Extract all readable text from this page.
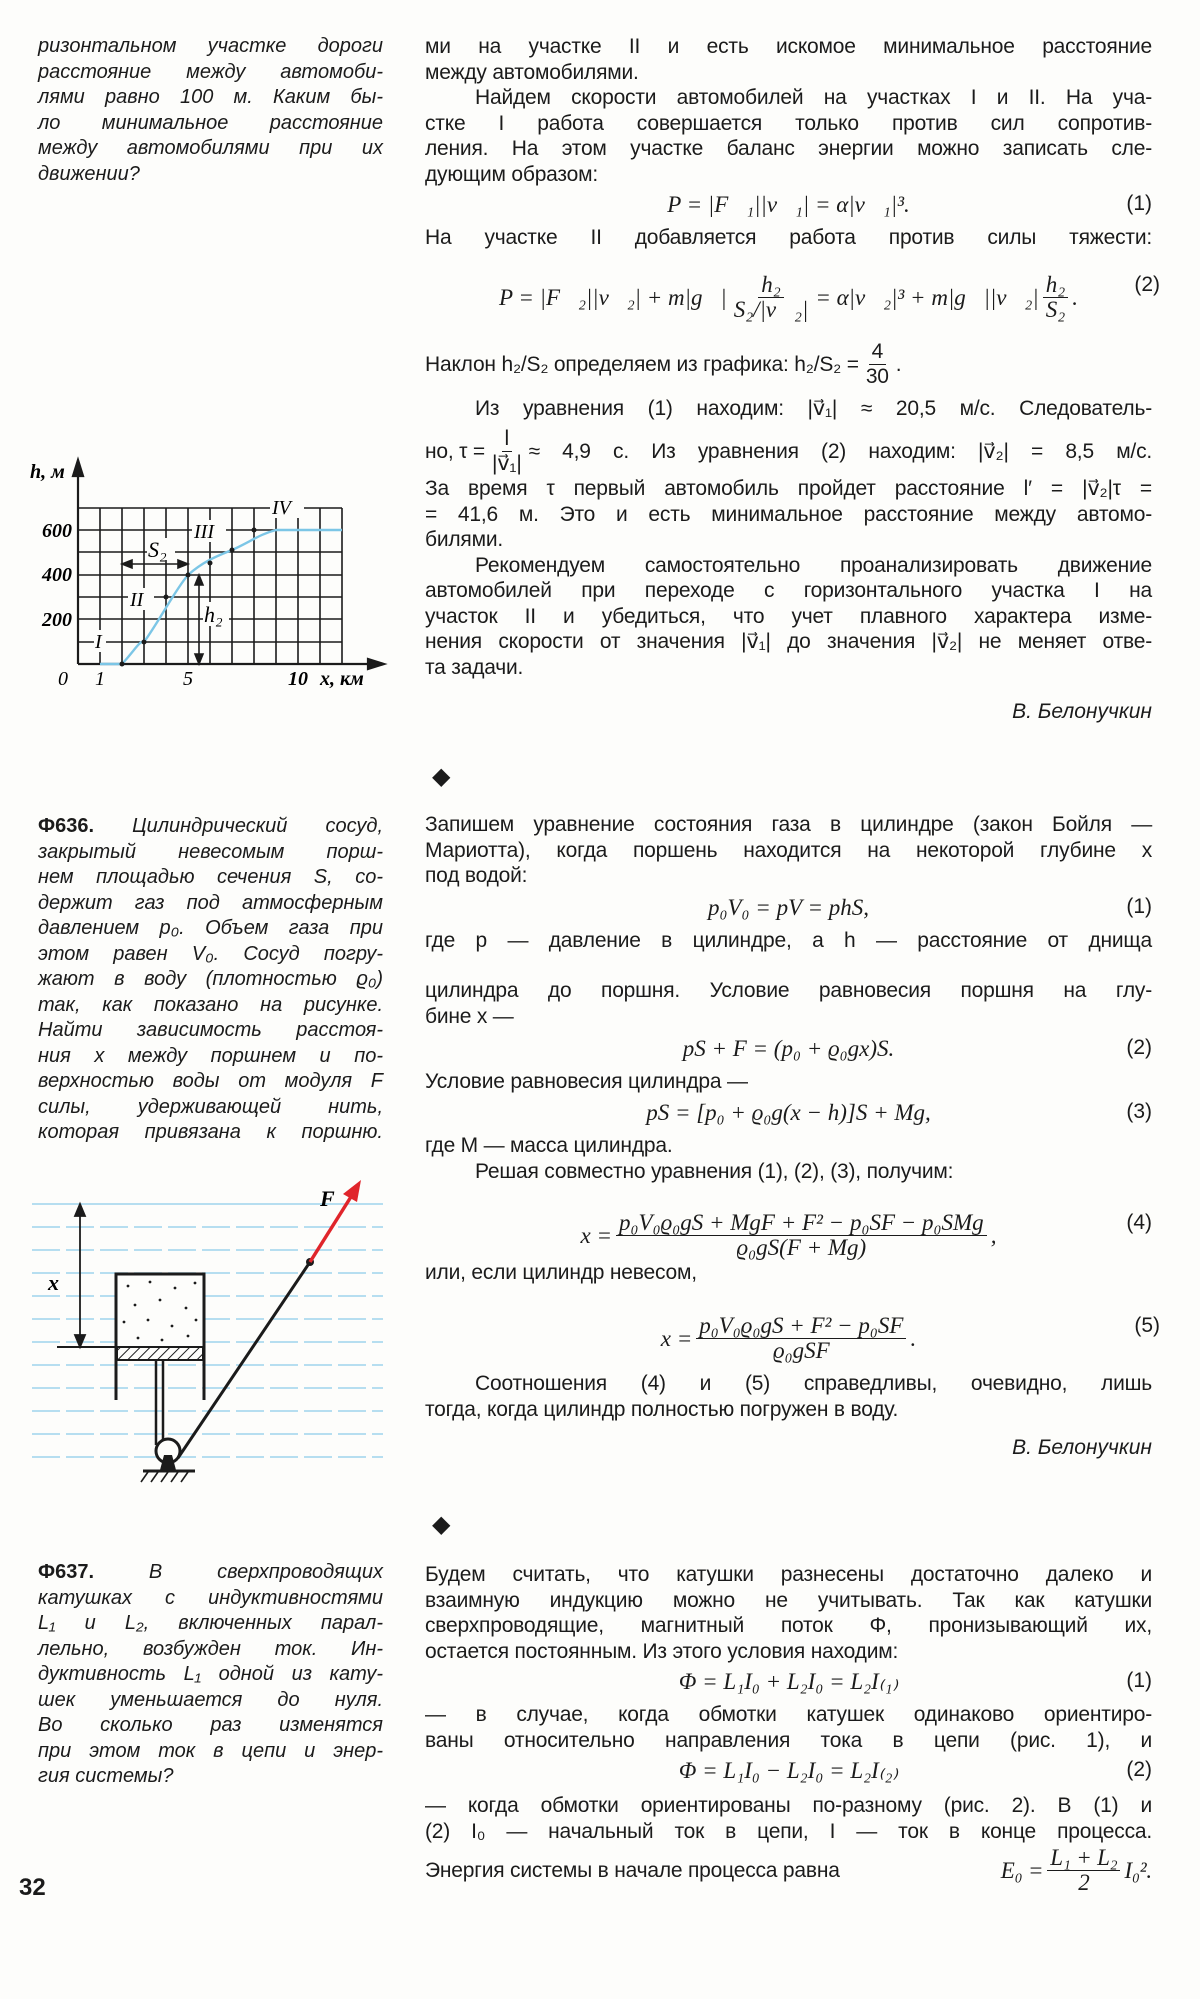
ризонтальном участке дороги
расстояние между автомоби-
лями равно 100 м. Каким бы-
ло минимальное расстояние
между автомобилями при их
движении?
S₂
h₂
I
II
III
IV
h, м
600
400
200
0 1	5	10 x, км
Ф636. Цилиндрический сосуд,
закрытый невесомым порш-
нем площадью сечения S, со-
держит газ под атмосферным
давлением p₀. Объем газа при
этом равен V₀. Сосуд погру-
жают в воду (плотностью ϱ₀)
так, как показано на рисунке.
Найти зависимость расстоя-
ния x между поршнем и по-
верхностью воды от модуля F
силы, удерживающей нить,
которая привязана к поршню.
x
F⃗
Ф637.	В сверхпроводящих
катушках с индуктивностями
L₁ и L₂, включенных парал-
лельно, возбужден ток. Ин-
дуктивность L₁ одной из кату-
шек уменьшается до нуля.
Во сколько раз изменятся
при этом ток в цепи и энер-
гия системы?
32
ми на участке II и есть искомое минимальное расстояние
между автомобилями.
Найдем скорости автомобилей на участках I и II. На уча-
стке I работа совершается только против сил сопротив-
ления. На этом участке баланс энергии можно записать сле-
дующим образом:
P = |F⃗₁||v⃗₁| = α|v⃗₁|³.	(1)
На участке II добавляется работа против силы тяжести:
P = |F⃗₂||v⃗₂| + m|g⃗| $\frac{\text{h₂}}{\text{S₂/|v⃗₂|}}$ = α|v⃗₂|³ + m|g⃗||v⃗₂| $\frac{\text{h₂}}{\text{S₂}}$ .	(2)
Наклон h₂/S₂ определяем из графика: $h_2/S_2 = \frac{4}{30}$ .
Из уравнения (1) находим: |v⃗₁| ≈ 20,5 м/с. Следователь-
но, $\tau = \frac{l}{\text{|v⃗₁|}} \approx 4,9$ с. Из уравнения (2) находим: |v⃗₂| = 8,5 м/с.
За время τ первый автомобиль пройдет расстояние l′ = |v⃗₂|τ =
= 41,6 м. Это и есть минимальное расстояние между автомо-
билями.
Рекомендуем самостоятельно проанализировать движение
автомобилей при переходе с горизонтального участка I на
участок II и убедиться, что учет плавного характера изме-
нения скорости от значения |v⃗₁| до значения |v⃗₂| не меняет отве-
та задачи.
В. Белонучкин
◆
Запишем уравнение состояния газа в цилиндре (закон Бойля —
Мариотта), когда поршень находится на некоторой глубине x
под водой:
p₀V₀ = pV = phS,	(1)
где p — давление в цилиндре, а h — расстояние от днища
цилиндра до поршня. Условие равновесия поршня на глу-
бине x —
pS + F = (p₀ + ϱ₀gx)S.	(2)
Условие равновесия цилиндра —
pS = [p₀ + ϱ₀g(x − h)]S + Mg,	(3)
где M — масса цилиндра.
Решая совместно уравнения (1), (2), (3), получим:
$x = \frac{\text{p₀V₀ϱ₀gS + MgF + F² − p₀SF − p₀SMg}}{\text{ϱ₀gS(F + Mg)}}$ ,	(4)
или, если цилиндр невесом,
$x = \frac{\text{p₀V₀ϱ₀gS + F² − p₀SF}}{\text{ϱ₀gSF}}$ .	(5)
Соотношения (4) и (5) справедливы, очевидно, лишь
тогда, когда цилиндр полностью погружен в воду.
В. Белонучкин
◆
Будем считать, что катушки разнесены достаточно далеко и
взаимную индукцию можно не учитывать. Так как катушки
сверхпроводящие, магнитный поток Φ, пронизывающий их,
остается постоянным. Из этого условия находим:
Φ = L₁I₀ + L₂I₀ = L₂I₍₁₎	(1)
— в случае, когда обмотки катушек одинаково ориентиро-
ваны относительно направления тока в цепи (рис. 1), и
Φ = L₁I₀ − L₂I₀ = L₂I₍₂₎	(2)
— когда обмотки ориентированы по-разному (рис. 2). В (1) и
(2) I₀ — начальный ток в цепи, I — ток в конце процесса.
Энергия системы в начале процесса равна	$E_0 = \frac{\text{L₁ + L₂}}{2} I_0^2$.
